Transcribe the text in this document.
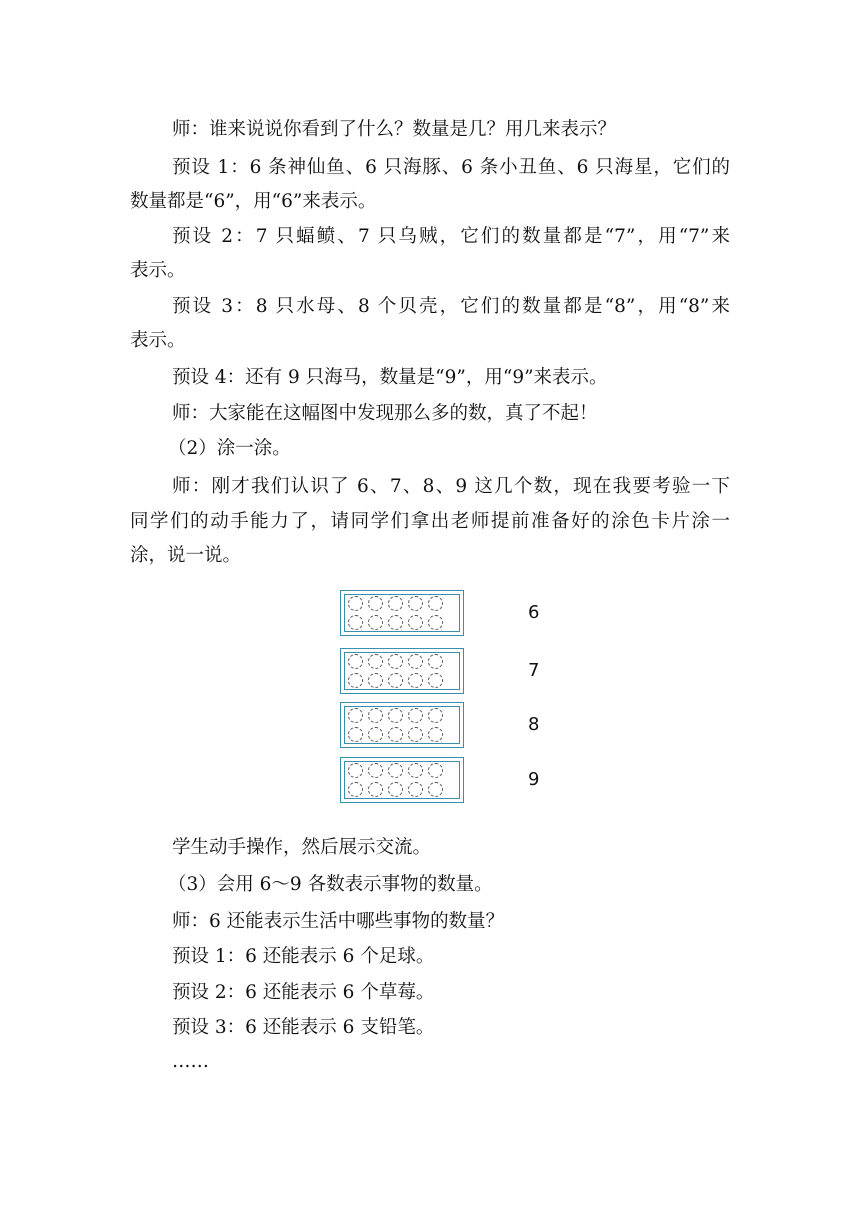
师：谁来说说你看到了什么？数量是几？用几来表示？
预设 1：6 条神仙鱼、6 只海豚、6 条小丑鱼、6 只海星，它们的
数量都是“6”，用“6”来表示。
预设 2：7 只蝠鲼、7 只乌贼，它们的数量都是“7”，用“7”来
表示。
预设 3：8 只水母、8 个贝壳，它们的数量都是“8”，用“8”来
表示。
预设 4：还有 9 只海马，数量是“9”，用“9”来表示。
师：大家能在这幅图中发现那么多的数，真了不起！
（2）涂一涂。
师：刚才我们认识了 6、7、8、9 这几个数，现在我要考验一下
同学们的动手能力了，请同学们拿出老师提前准备好的涂色卡片涂一
涂，说一说。
6
7
8
9
学生动手操作，然后展示交流。
（3）会用 6～9 各数表示事物的数量。
师：6 还能表示生活中哪些事物的数量？
预设 1：6 还能表示 6 个足球。
预设 2：6 还能表示 6 个草莓。
预设 3：6 还能表示 6 支铅笔。
……
